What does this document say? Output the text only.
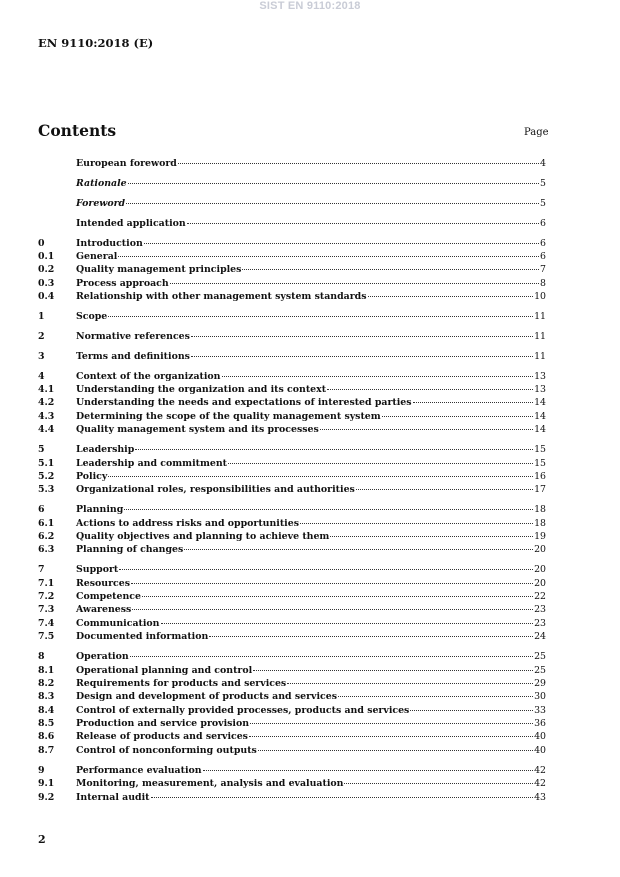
SIST EN 9110:2018
EN 9110:2018 (E)
Contents	Page
European foreword	4
Rationale	5
Foreword	5
Intended application	6
0	Introduction	6
0.1	General	6
0.2	Quality management principles	7
0.3	Process approach	8
0.4	Relationship with other management system standards	10
1	Scope	11
2	Normative references	11
3	Terms and definitions	11
4	Context of the organization	13
4.1	Understanding the organization and its context	13
4.2	Understanding the needs and expectations of interested parties	14
4.3	Determining the scope of the quality management system	14
4.4	Quality management system and its processes	14
5	Leadership	15
5.1	Leadership and commitment	15
5.2	Policy	16
5.3	Organizational roles, responsibilities and authorities	17
6	Planning	18
6.1	Actions to address risks and opportunities	18
6.2	Quality objectives and planning to achieve them	19
6.3	Planning of changes	20
7	Support	20
7.1	Resources	20
7.2	Competence	22
7.3	Awareness	23
7.4	Communication	23
7.5	Documented information	24
8	Operation	25
8.1	Operational planning and control	25
8.2	Requirements for products and services	29
8.3	Design and development of products and services	30
8.4	Control of externally provided processes, products and services	33
8.5	Production and service provision	36
8.6	Release of products and services	40
8.7	Control of nonconforming outputs	40
9	Performance evaluation	42
9.1	Monitoring, measurement, analysis and evaluation	42
9.2	Internal audit	43
2
